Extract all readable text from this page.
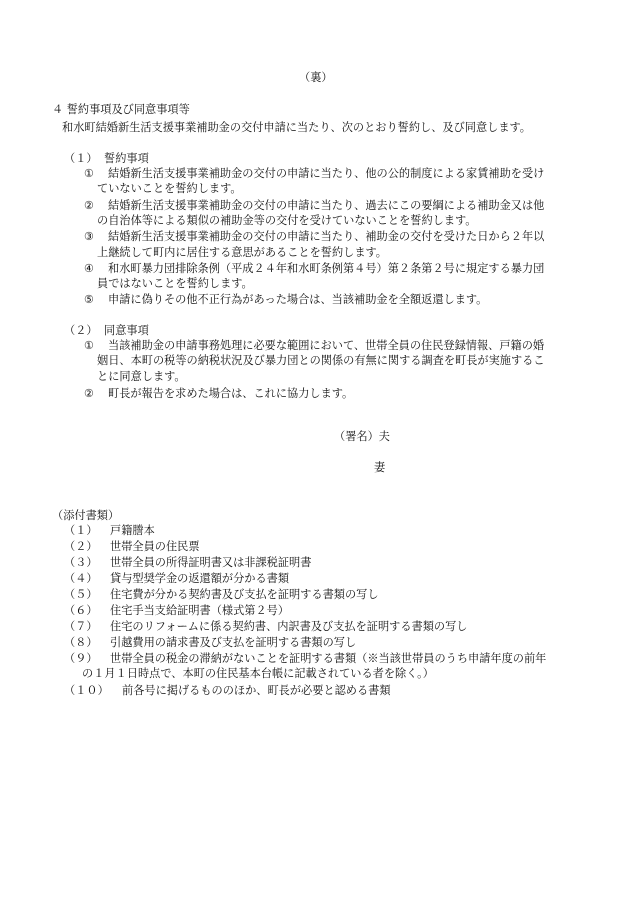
（裏）
４ 誓約事項及び同意事項等
和水町結婚新生活支援事業補助金の交付申請に当たり、次のとおり誓約し、及び同意します。
（１） 誓約事項
① 結婚新生活支援事業補助金の交付の申請に当たり、他の公的制度による家賃補助を受け
ていないことを誓約します。
② 結婚新生活支援事業補助金の交付の申請に当たり、過去にこの要綱による補助金又は他
の自治体等による類似の補助金等の交付を受けていないことを誓約します。
③ 結婚新生活支援事業補助金の交付の申請に当たり、補助金の交付を受けた日から２年以
上継続して町内に居住する意思があることを誓約します。
④ 和水町暴力団排除条例（平成２４年和水町条例第４号）第２条第２号に規定する暴力団
員ではないことを誓約します。
⑤ 申請に偽りその他不正行為があった場合は、当該補助金を全額返還します。
（２） 同意事項
① 当該補助金の申請事務処理に必要な範囲において、世帯全員の住民登録情報、戸籍の婚
姻日、本町の税等の納税状況及び暴力団との関係の有無に関する調査を町長が実施するこ
とに同意します。
② 町長が報告を求めた場合は、これに協力します。
（署名）夫
妻
（添付書類）
（１） 戸籍謄本
（２） 世帯全員の住民票
（３） 世帯全員の所得証明書又は非課税証明書
（４） 貸与型奨学金の返還額が分かる書類
（５） 住宅費が分かる契約書及び支払を証明する書類の写し
（６） 住宅手当支給証明書（様式第２号）
（７） 住宅のリフォームに係る契約書、内訳書及び支払を証明する書類の写し
（８） 引越費用の請求書及び支払を証明する書類の写し
（９） 世帯全員の税金の滞納がないことを証明する書類（※当該世帯員のうち申請年度の前年
の１月１日時点で、本町の住民基本台帳に記載されている者を除く。）
（１０） 前各号に掲げるもののほか、町長が必要と認める書類
